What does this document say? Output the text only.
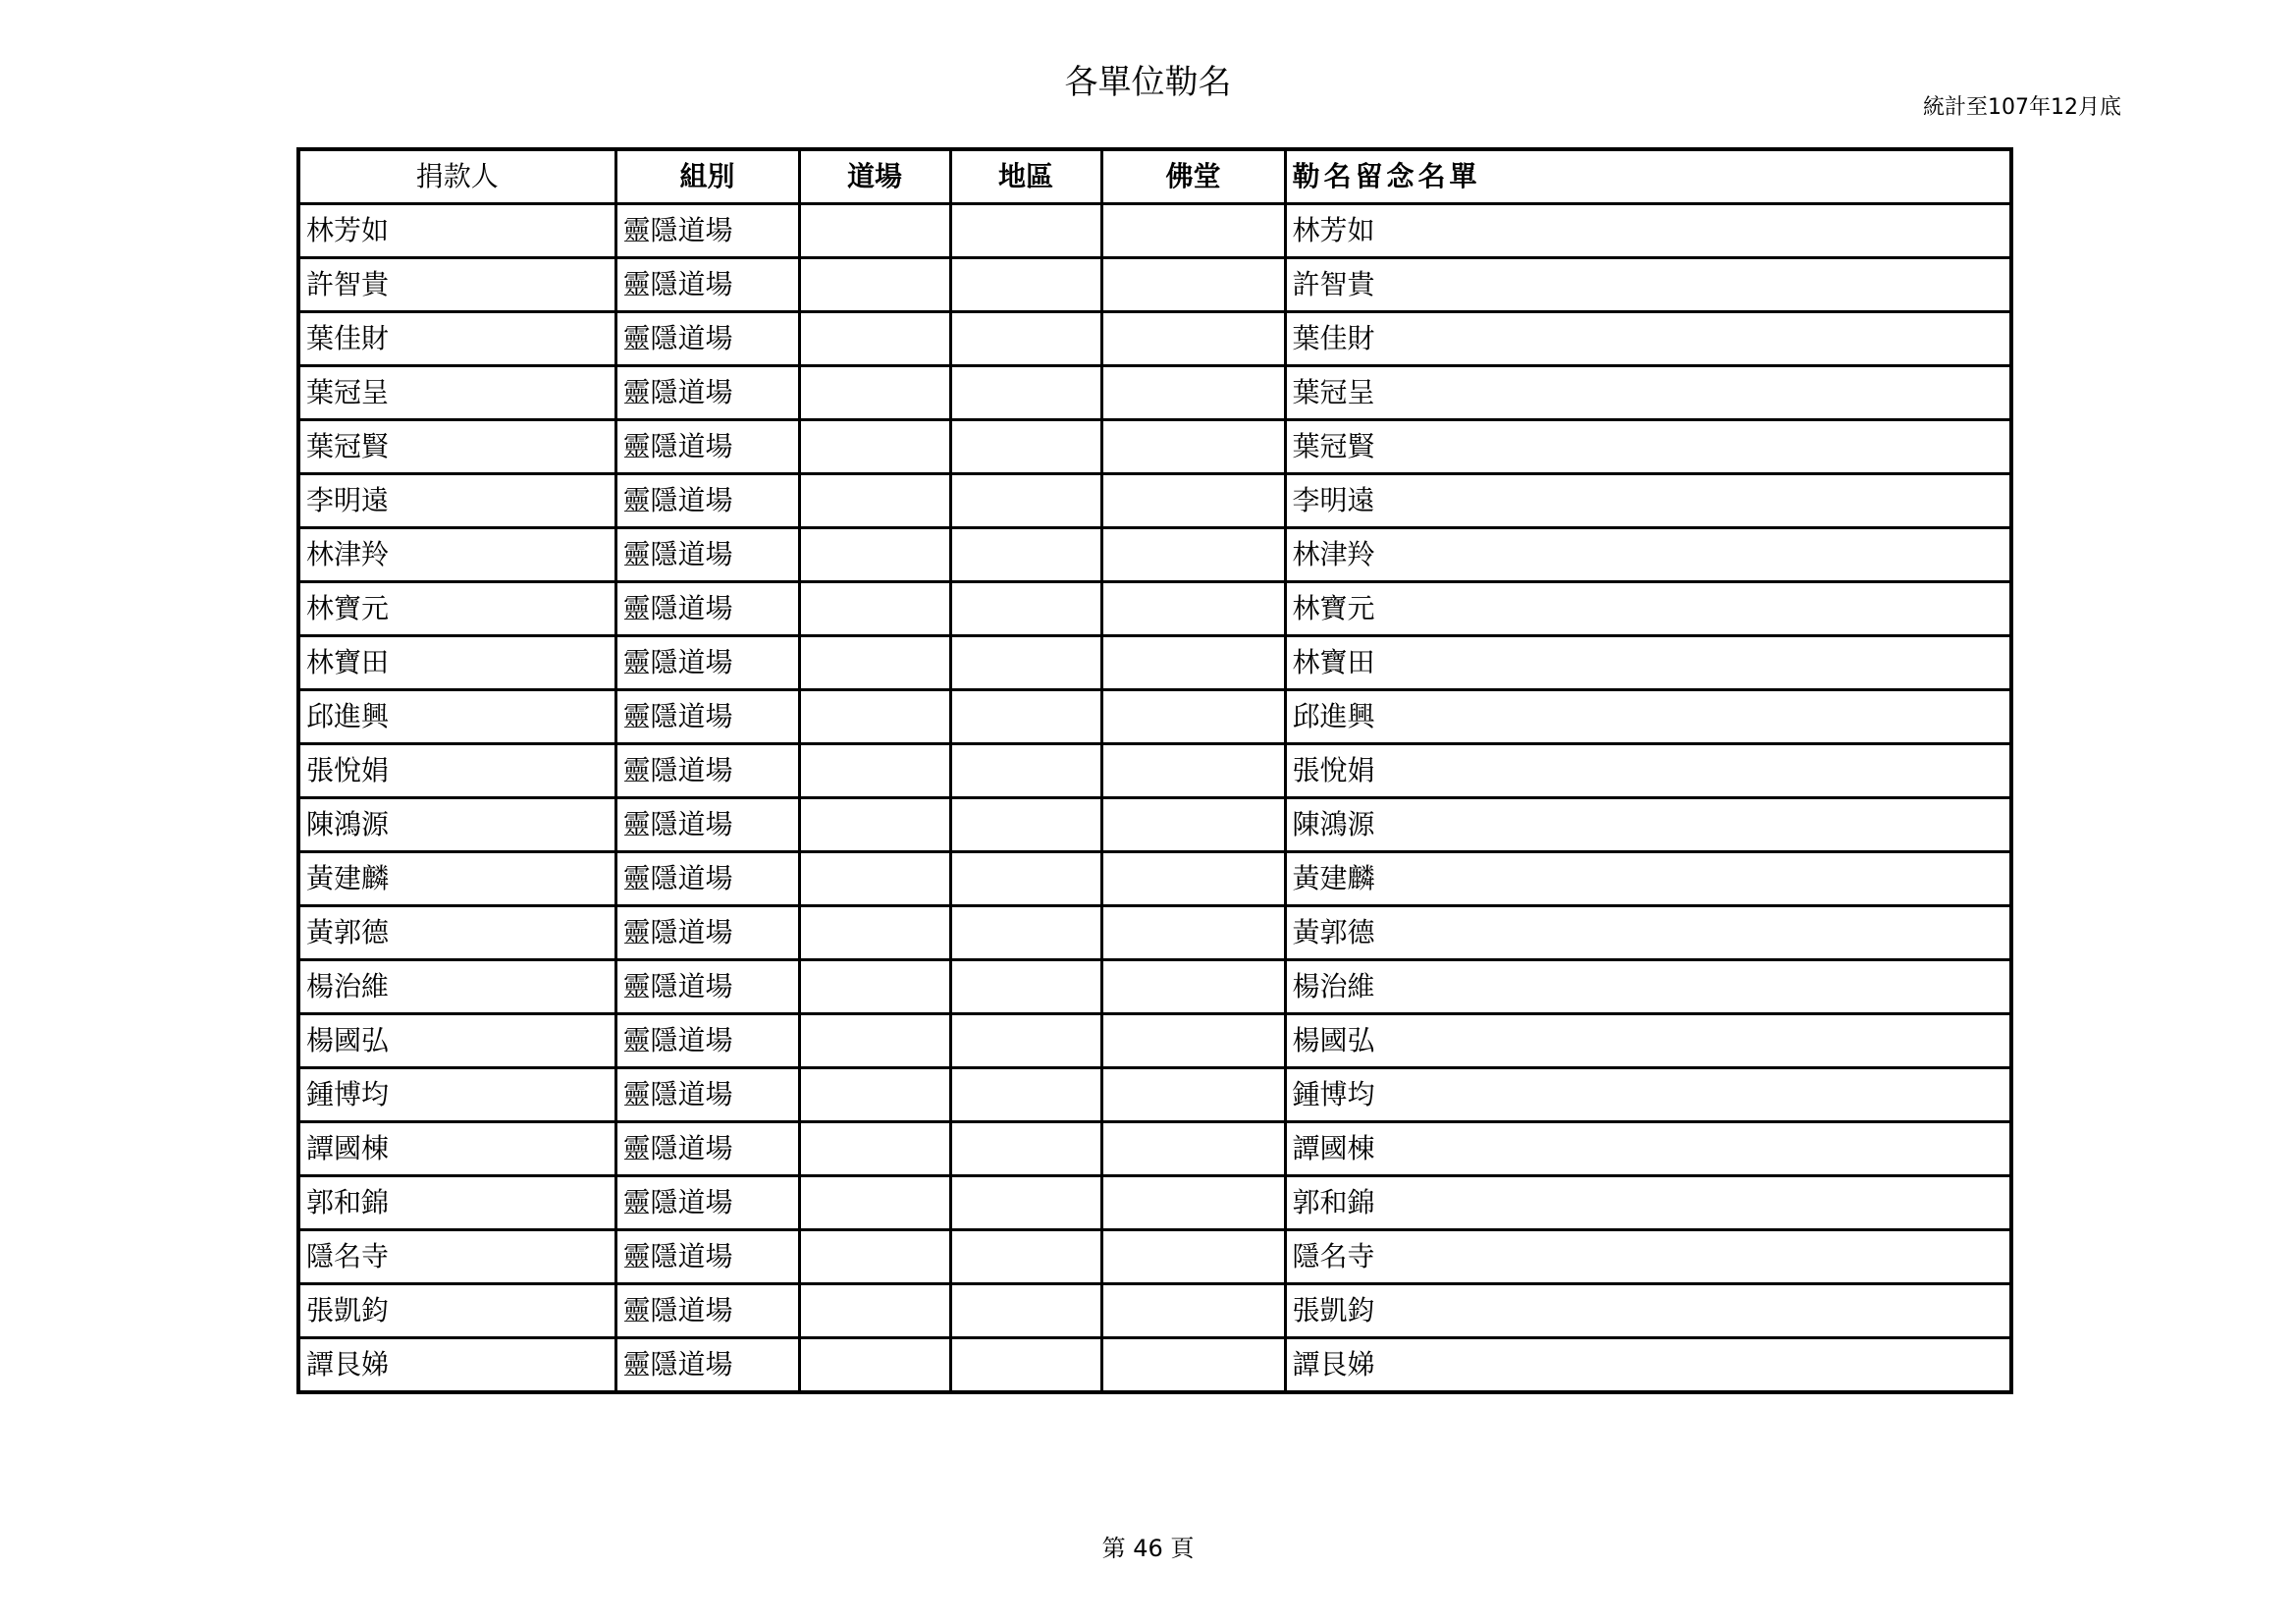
各單位勒名
統計至107年12月底
捐款人	組別	道場	地區	佛堂	勒名留念名單
林芳如	靈隱道場				林芳如
許智貴	靈隱道場				許智貴
葉佳財	靈隱道場				葉佳財
葉冠呈	靈隱道場				葉冠呈
葉冠賢	靈隱道場				葉冠賢
李明遠	靈隱道場				李明遠
林津羚	靈隱道場				林津羚
林寶元	靈隱道場				林寶元
林寶田	靈隱道場				林寶田
邱進興	靈隱道場				邱進興
張悅娟	靈隱道場				張悅娟
陳鴻源	靈隱道場				陳鴻源
黃建麟	靈隱道場				黃建麟
黃郭德	靈隱道場				黃郭德
楊治維	靈隱道場				楊治維
楊國弘	靈隱道場				楊國弘
鍾博均	靈隱道場				鍾博均
譚國棟	靈隱道場				譚國棟
郭和錦	靈隱道場				郭和錦
隱名寺	靈隱道場				隱名寺
張凱鈞	靈隱道場				張凱鈞
譚艮娣	靈隱道場				譚艮娣
第 46 頁
